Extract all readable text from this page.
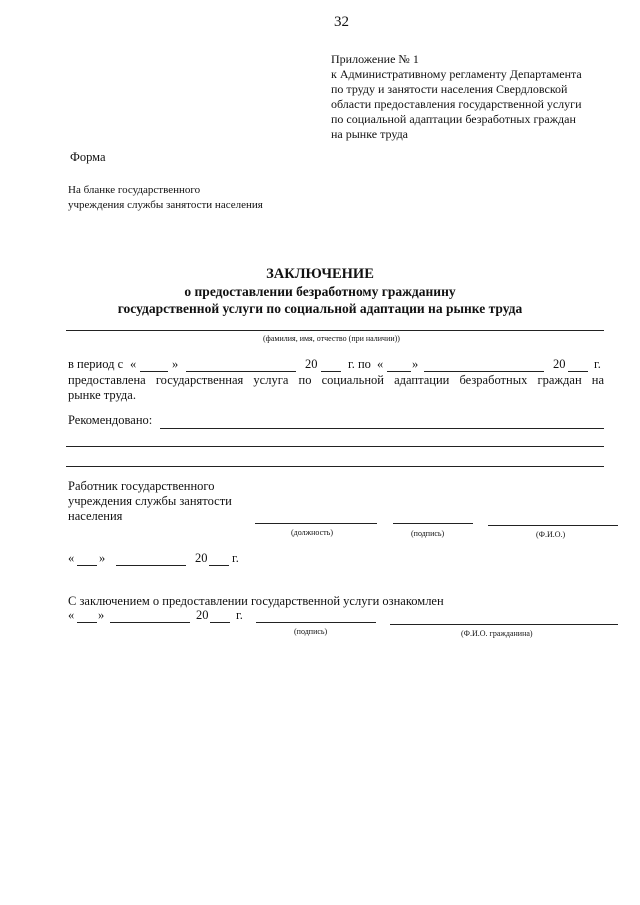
32
Приложение № 1
к Административному регламенту Департамента
по труду и занятости населения Свердловской
области предоставления государственной услуги
по социальной адаптации безработных граждан
на рынке труда
Форма
На бланке государственного
учреждения службы занятости населения
ЗАКЛЮЧЕНИЕ
о предоставлении безработному гражданину
государственной услуги по социальной адаптации на рынке труда
(фамилия, имя, отчество (при наличии))
в период с «	»	20 г. по « »	20 г.
предоставлена государственная услуга по социальной адаптации безработных граждан на
рынке труда.
Рекомендовано:
Работник государственного
учреждения службы занятости
населения
(должность)	(подпись)	(Ф.И.О.)
« »	20 г.
С заключением о предоставлении государственной услуги ознакомлен
« »	20 г.
(подпись)	(Ф.И.О. гражданина)
